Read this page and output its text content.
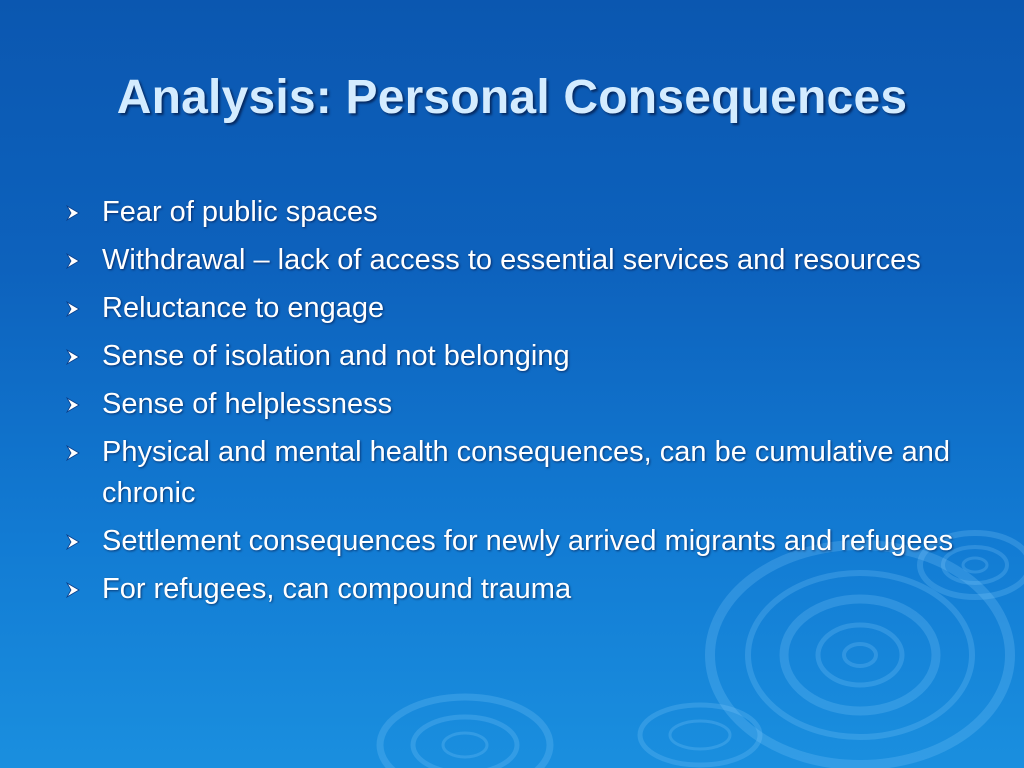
Analysis: Personal Consequences
Fear of public spaces
Withdrawal – lack of access to essential services and resources
Reluctance to engage
Sense of isolation and not belonging
Sense of helplessness
Physical and mental health consequences, can be cumulative and chronic
Settlement consequences for newly arrived migrants and refugees
For refugees, can compound trauma
